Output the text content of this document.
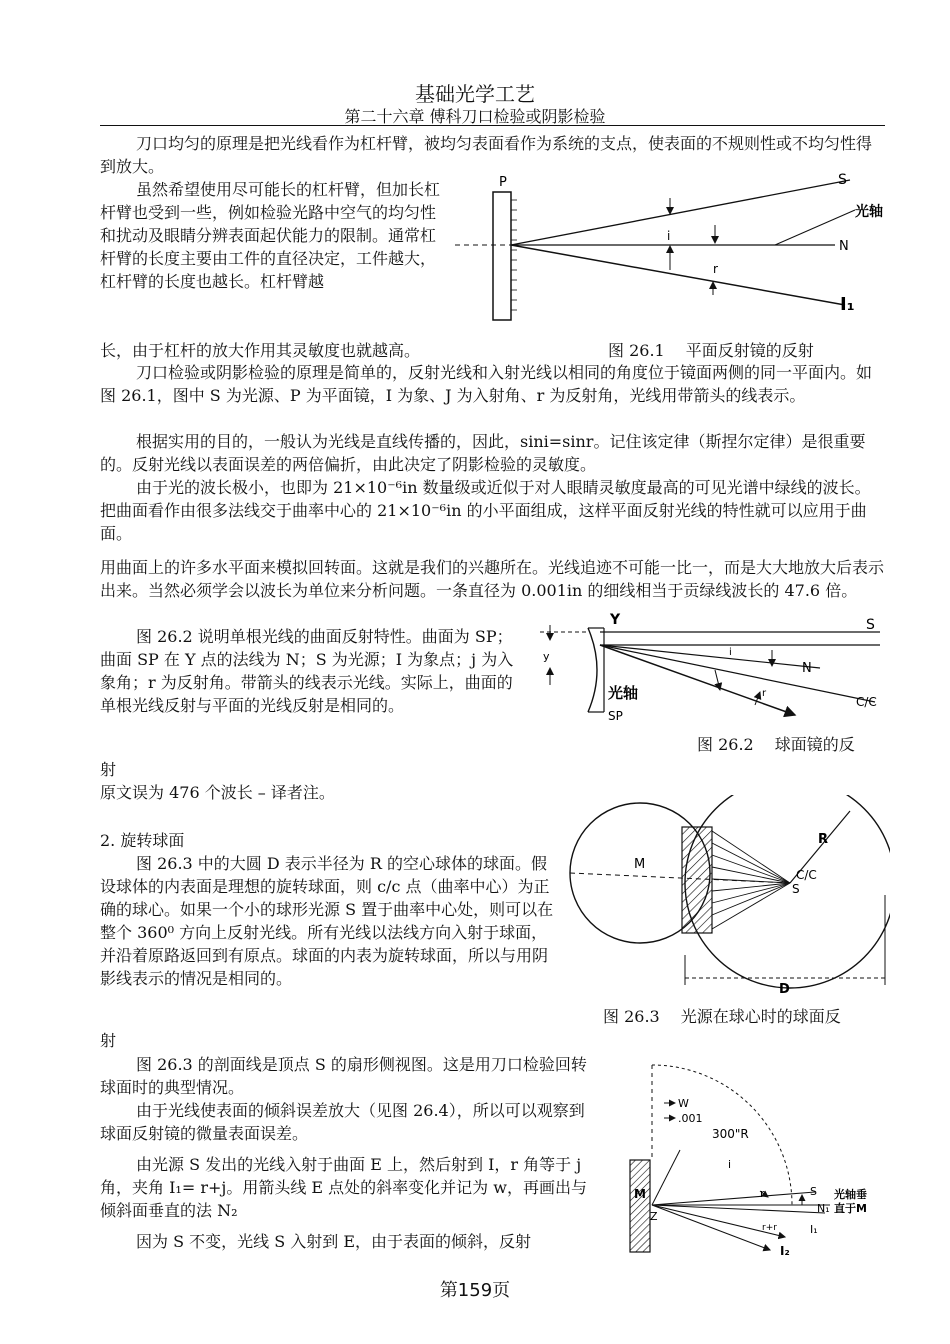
基础光学工艺
第二十六章 傅科刀口检验或阴影检验

刀口均匀的原理是把光线看作为杠杆臂，被均匀表面看作为系统的支点，使表面的不规则性或不均匀性得到放大。

虽然希望使用尽可能长的杠杆臂，但加长杠杆臂也受到一些，例如检验光路中空气的均匀性和扰动及眼睛分辨表面起伏能力的限制。通常杠杆臂的长度主要由工件的直径决定，工件越大，杠杆臂的长度也越长。杠杆臂越

长，由于杠杆的放大作用其灵敏度也就越高。	图 26.1　 平面反射镜的反射
P	S
光轴
N
i
r
I₁

刀口检验或阴影检验的原理是简单的，反射光线和入射光线以相同的角度位于镜面两侧的同一平面内。如图 26.1，图中 S 为光源、P 为平面镜，I 为象、J 为入射角、r 为反射角，光线用带箭头的线表示。

根据实用的目的，一般认为光线是直线传播的，因此，sini=sinr。记住该定律（斯捏尔定律）是很重要的。反射光线以表面误差的两倍偏折，由此决定了阴影检验的灵敏度。

由于光的波长极小，也即为 21×10⁻⁶in 数量级或近似于对人眼睛灵敏度最高的可见光谱中绿线的波长。把曲面看作由很多法线交于曲率中心的 21×10⁻⁶in 的小平面组成，这样平面反射光线的特性就可以应用于曲面。

用曲面上的许多水平面来模拟回转面。这就是我们的兴趣所在。光线追迹不可能一比一，而是大大地放大后表示出来。当然必须学会以波长为单位来分析问题。一条直径为 0.001in 的细线相当于贡绿线波长的 47.6 倍。

图 26.2 说明单根光线的曲面反射特性。曲面为 SP；曲面 SP 在 Y 点的法线为 N；S 为光源；I 为象点；j 为入象角；r 为反射角。带箭头的线表示光线。实际上，曲面的单根光线反射与平面的光线反射是相同的。

图 26.2　 球面镜的反

射

Y
y
S
N
C/C
i
r
光轴
SP

原文误为 476 个波长 – 译者注。

2. 旋转球面

图 26.3 中的大圆 D 表示半径为 R 的空心球体的球面。假设球体的内表面是理想的旋转球面，则 c/c 点（曲率中心）为正确的球心。如果一个小的球形光源 S 置于曲率中心处，则可以在整个 360⁰ 方向上反射光线。所有光线以法线方向入射于球面，并沿着原路返回到有原点。球面的内表为旋转球面，所以与用阴影线表示的情况是相同的。

图 26.3　 光源在球心时的球面反

射

M
R
C/C
S
D

图 26.3 的剖面线是顶点 S 的扇形侧视图。这是用刀口检验回转球面时的典型情况。

由于光线使表面的倾斜误差放大（见图 26.4），所以可以观察到球面反射镜的微量表面误差。

由光源 S 发出的光线入射于曲面 E 上，然后射到 I，r 角等于 j 角，夹角 I₁= r+j。用箭头线 E 点处的斜率变化并记为 w，再画出与倾斜面垂直的法 N₂

因为 S 不变，光线 S 入射到 E，由于表面的倾斜，反射

W
.001
300"R
i
r	S
N₁
I₁
I₂
M
Z
r+r
光轴垂
直于M
第159页
